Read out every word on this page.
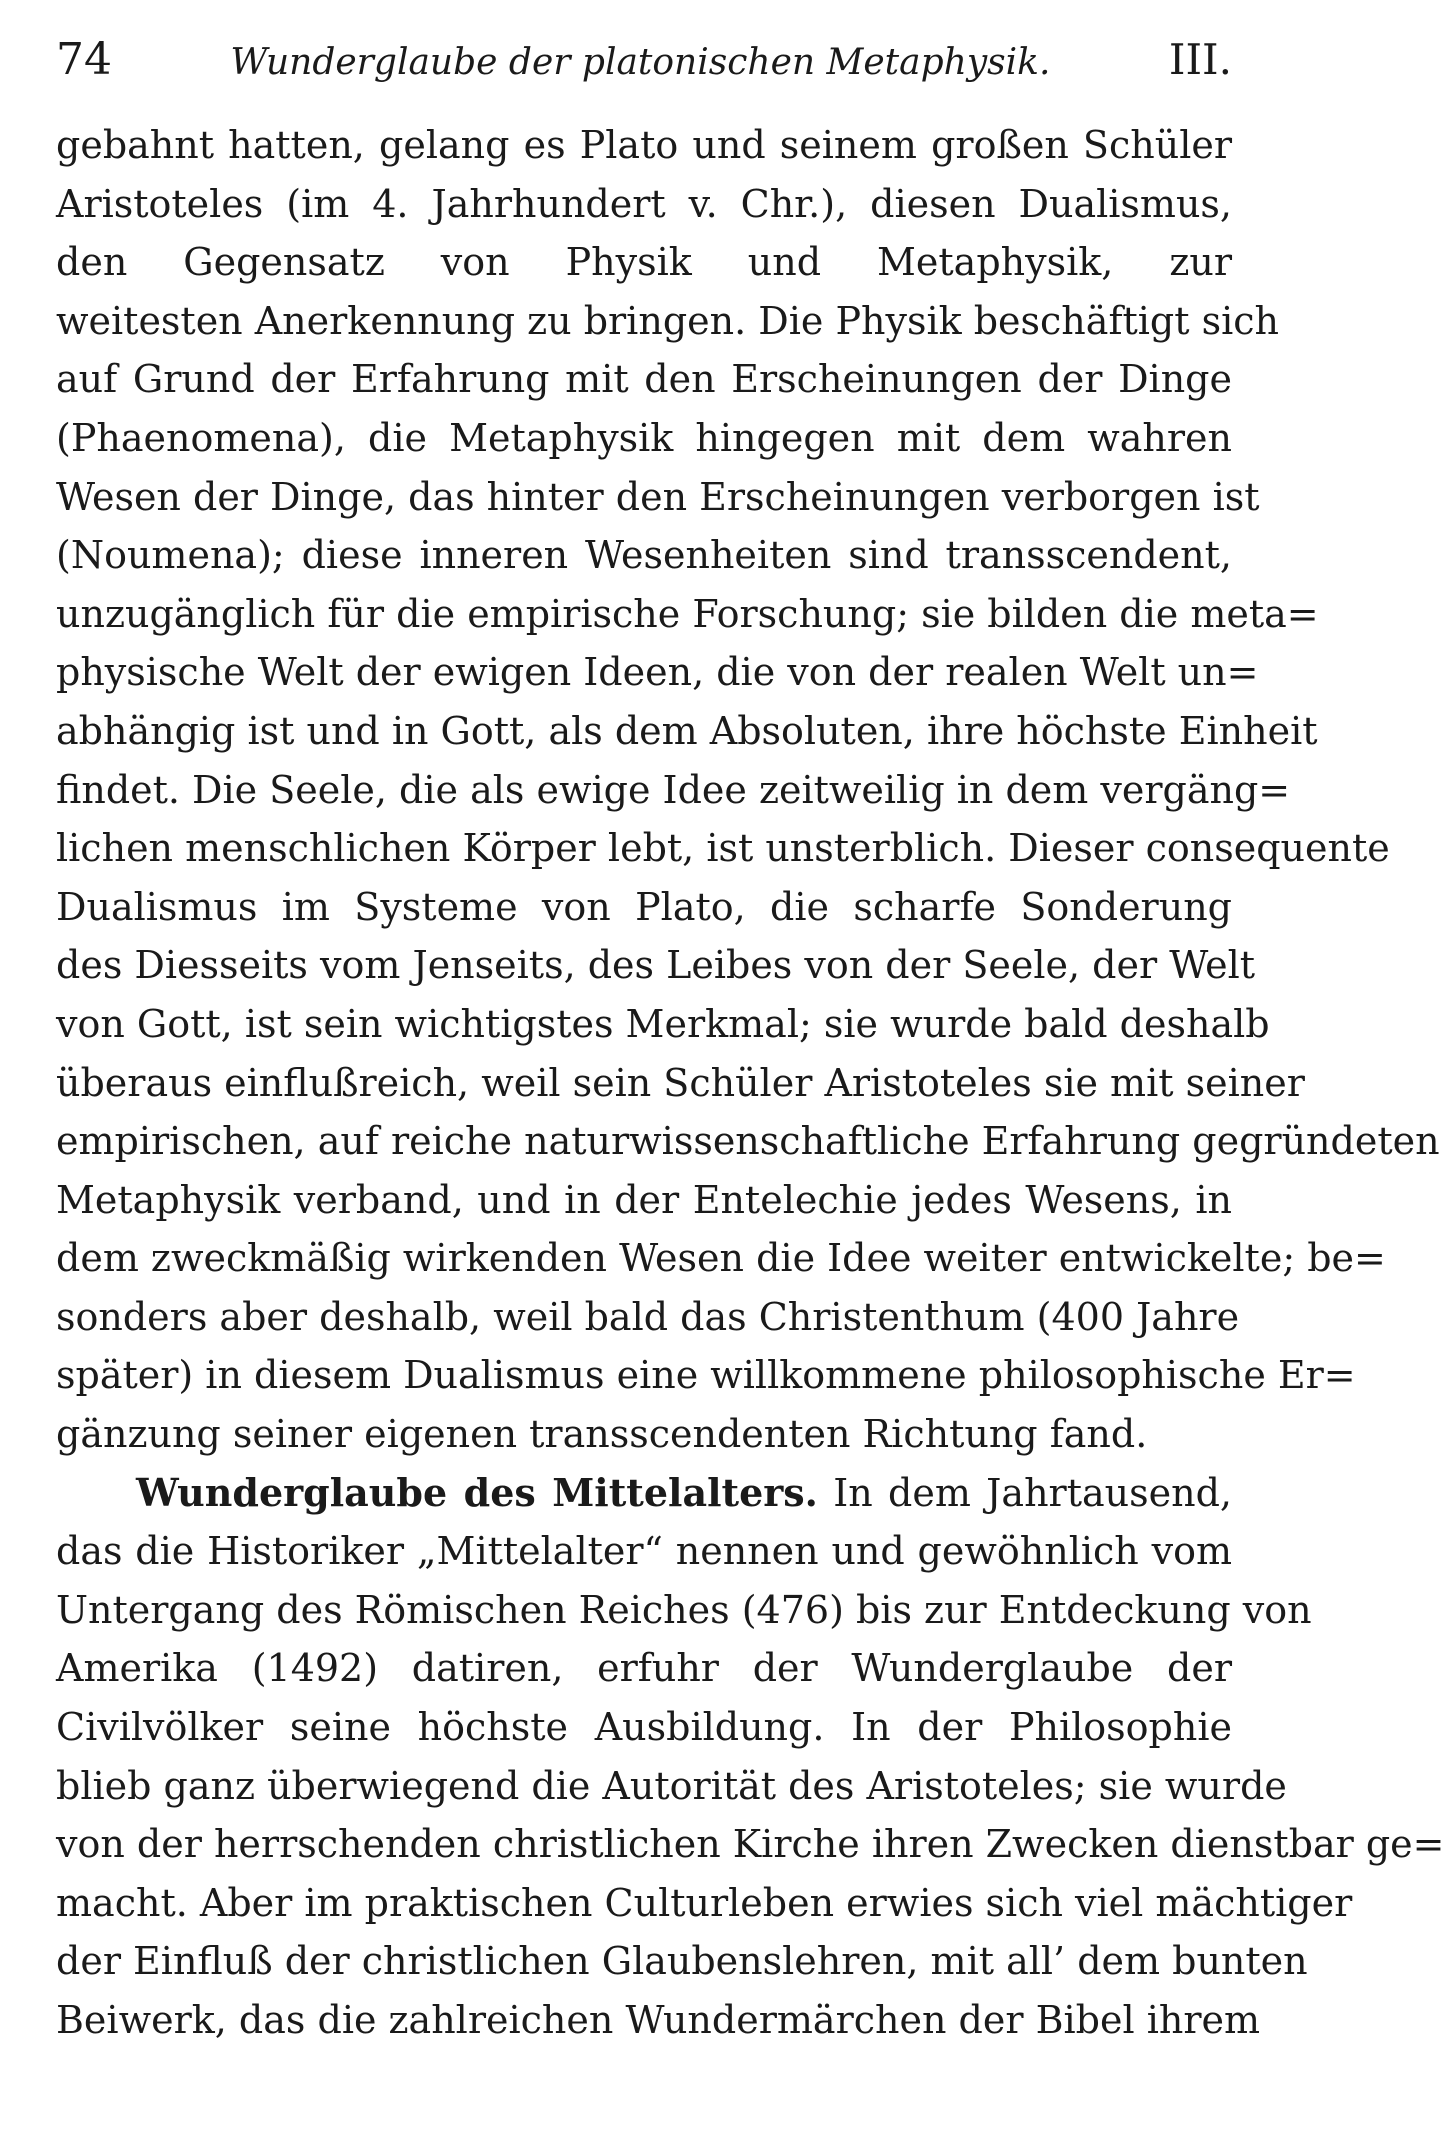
74	Wunderglaube der platonischen Metaphysik.	III.
gebahnt hatten, gelang es Plato und seinem großen Schüler
Aristoteles (im 4. Jahrhundert v. Chr.), diesen Dualismus,
den Gegensatz von Physik und Metaphysik, zur
weitesten Anerkennung zu bringen. Die Physik beschäftigt sich
auf Grund der Erfahrung mit den Erscheinungen der Dinge
(Phaenomena), die Metaphysik hingegen mit dem wahren
Wesen der Dinge, das hinter den Erscheinungen verborgen ist
(Noumena); diese inneren Wesenheiten sind transscendent,
unzugänglich für die empirische Forschung; sie bilden die meta=
physische Welt der ewigen Ideen, die von der realen Welt un=
abhängig ist und in Gott, als dem Absoluten, ihre höchste Einheit
findet. Die Seele, die als ewige Idee zeitweilig in dem vergäng=
lichen menschlichen Körper lebt, ist unsterblich. Dieser consequente
Dualismus im Systeme von Plato, die scharfe Sonderung
des Diesseits vom Jenseits, des Leibes von der Seele, der Welt
von Gott, ist sein wichtigstes Merkmal; sie wurde bald deshalb
überaus einflußreich, weil sein Schüler Aristoteles sie mit seiner
empirischen, auf reiche naturwissenschaftliche Erfahrung gegründeten
Metaphysik verband, und in der Entelechie jedes Wesens, in
dem zweckmäßig wirkenden Wesen die Idee weiter entwickelte; be=
sonders aber deshalb, weil bald das Christenthum (400 Jahre
später) in diesem Dualismus eine willkommene philosophische Er=
gänzung seiner eigenen transscendenten Richtung fand.
Wunderglaube des Mittelalters. In dem Jahrtausend,
das die Historiker „Mittelalter“ nennen und gewöhnlich vom
Untergang des Römischen Reiches (476) bis zur Entdeckung von
Amerika (1492) datiren, erfuhr der Wunderglaube der
Civilvölker seine höchste Ausbildung. In der Philosophie
blieb ganz überwiegend die Autorität des Aristoteles; sie wurde
von der herrschenden christlichen Kirche ihren Zwecken dienstbar ge=
macht. Aber im praktischen Culturleben erwies sich viel mächtiger
der Einfluß der christlichen Glaubenslehren, mit all’ dem bunten
Beiwerk, das die zahlreichen Wundermärchen der Bibel ihrem
